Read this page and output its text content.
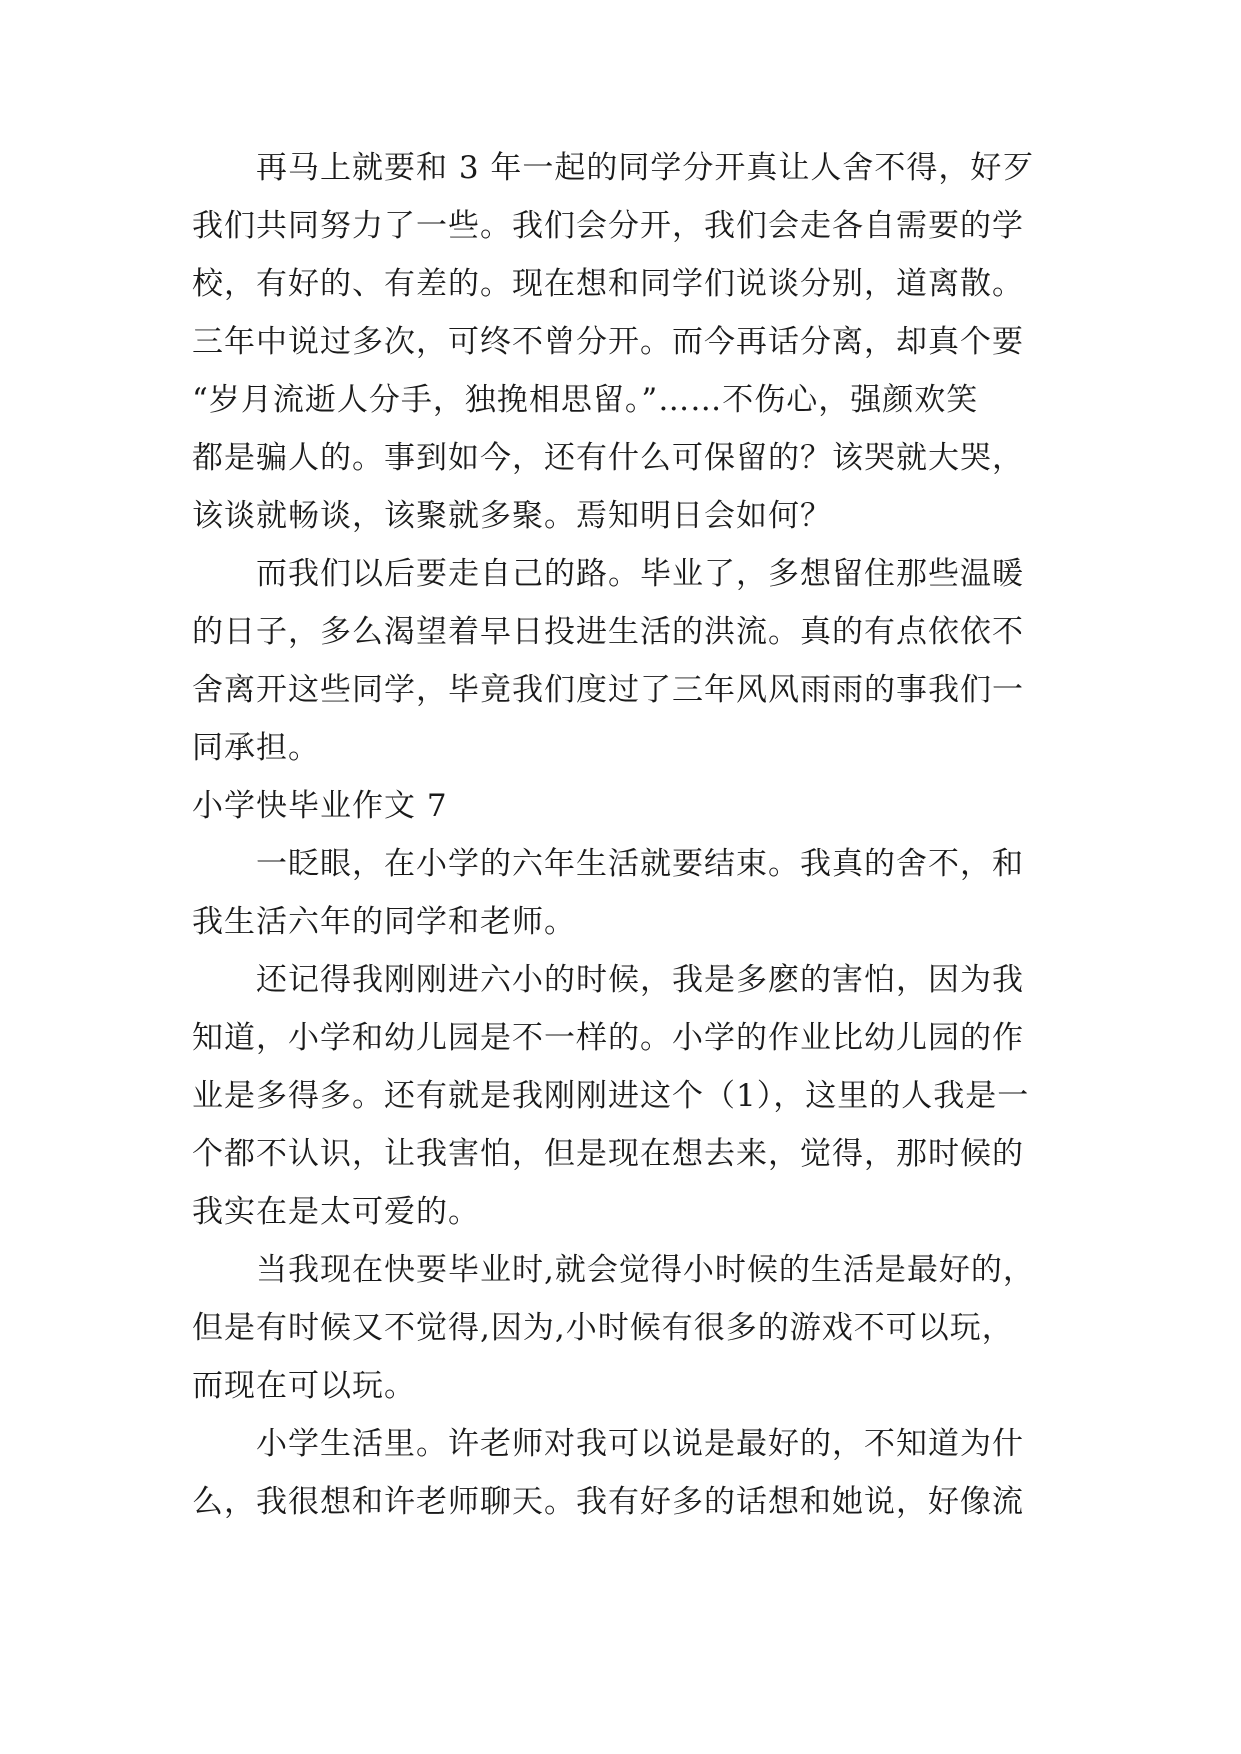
再马上就要和 3 年一起的同学分开真让人舍不得，好歹
我们共同努力了一些。我们会分开，我们会走各自需要的学
校，有好的、有差的。现在想和同学们说谈分别，道离散。
三年中说过多次，可终不曾分开。而今再话分离，却真个要
“岁月流逝人分手，独挽相思留。”……不伤心，强颜欢笑
都是骗人的。事到如今，还有什么可保留的？该哭就大哭，
该谈就畅谈，该聚就多聚。焉知明日会如何？
而我们以后要走自己的路。毕业了，多想留住那些温暖
的日子，多么渴望着早日投进生活的洪流。真的有点依依不
舍离开这些同学，毕竟我们度过了三年风风雨雨的事我们一
同承担。
小学快毕业作文 7
一眨眼，在小学的六年生活就要结束。我真的舍不，和
我生活六年的同学和老师。
还记得我刚刚进六小的时候，我是多麽的害怕，因为我
知道，小学和幼儿园是不一样的。小学的作业比幼儿园的作
业是多得多。还有就是我刚刚进这个（1），这里的人我是一
个都不认识，让我害怕，但是现在想去来，觉得，那时候的
我实在是太可爱的。
当我现在快要毕业时,就会觉得小时候的生活是最好的，
但是有时候又不觉得,因为,小时候有很多的游戏不可以玩，
而现在可以玩。
小学生活里。许老师对我可以说是最好的，不知道为什
么，我很想和许老师聊天。我有好多的话想和她说，好像流
